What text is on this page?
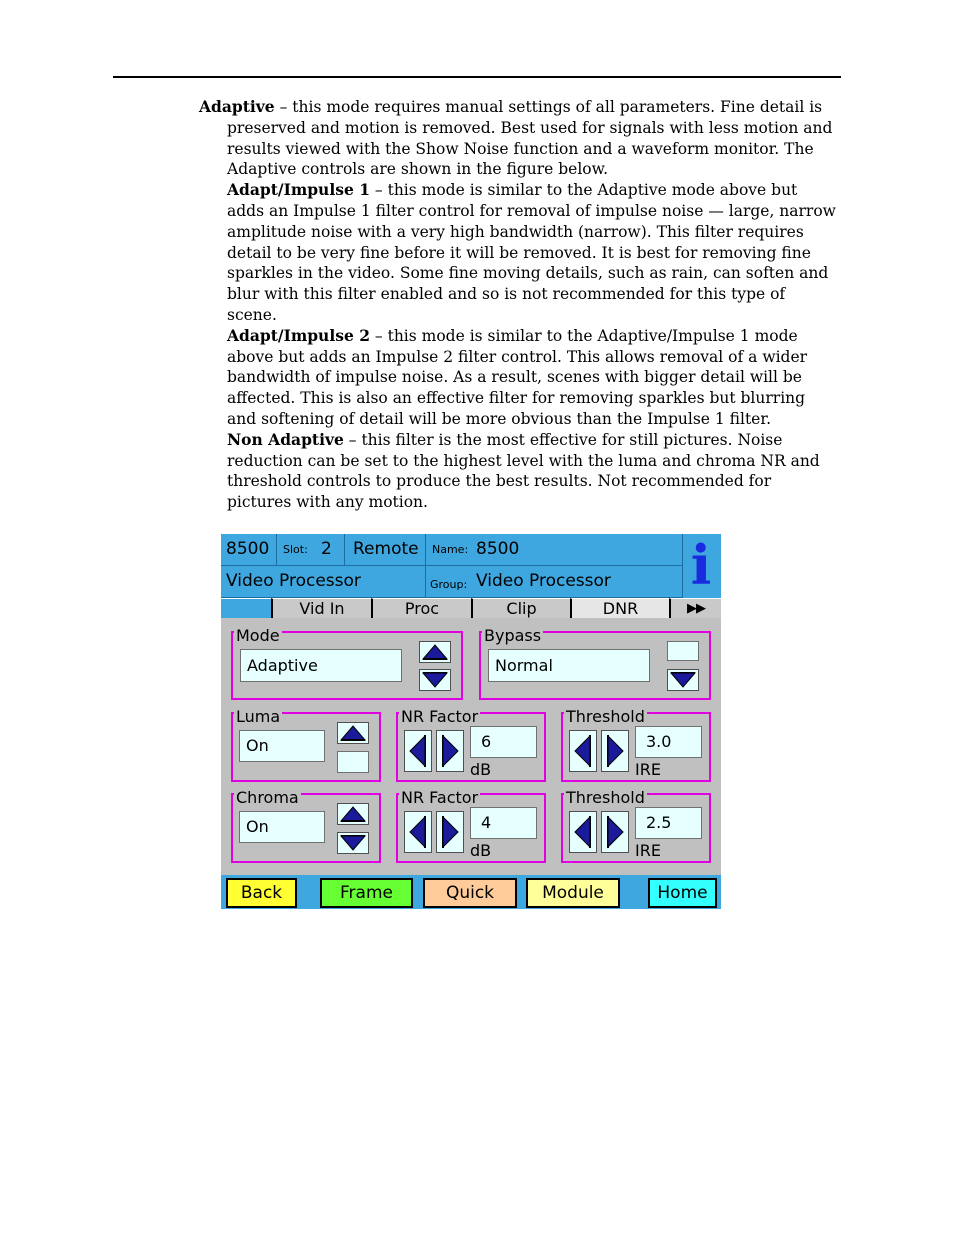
Adaptive – this mode requires manual settings of all parameters. Fine detail is preserved and motion is removed. Best used for signals with less motion and results viewed with the Show Noise function and a waveform monitor. The Adaptive controls are shown in the figure below.

Adapt/Impulse 1 – this mode is similar to the Adaptive mode above but adds an Impulse 1 filter control for removal of impulse noise — large, narrow amplitude noise with a very high bandwidth (narrow). This filter requires detail to be very fine before it will be removed. It is best for removing fine sparkles in the video. Some fine moving details, such as rain, can soften and blur with this filter enabled and so is not recommended for this type of scene.

Adapt/Impulse 2 – this mode is similar to the Adaptive/Impulse 1 mode above but adds an Impulse 2 filter control. This allows removal of a wider bandwidth of impulse noise. As a result, scenes with bigger detail will be affected. This is also an effective filter for removing sparkles but blurring and softening of detail will be more obvious than the Impulse 1 filter.

Non Adaptive – this filter is the most effective for still pictures. Noise reduction can be set to the highest level with the luma and chroma NR and threshold controls to produce the best results. Not recommended for pictures with any motion.

8500 Slot: 2 Remote Name: 8500
Video Processor	Group: Video Processor i
Vid In	Proc	Clip	DNR	▶▶
Mode
Adaptive
Bypass
Normal
Luma
On
NR Factor
6
dB
Threshold
3.0
IRE
Chroma
On
NR Factor
4
dB
Threshold
2.5
IRE
Back	Frame	Quick	Module	Home
